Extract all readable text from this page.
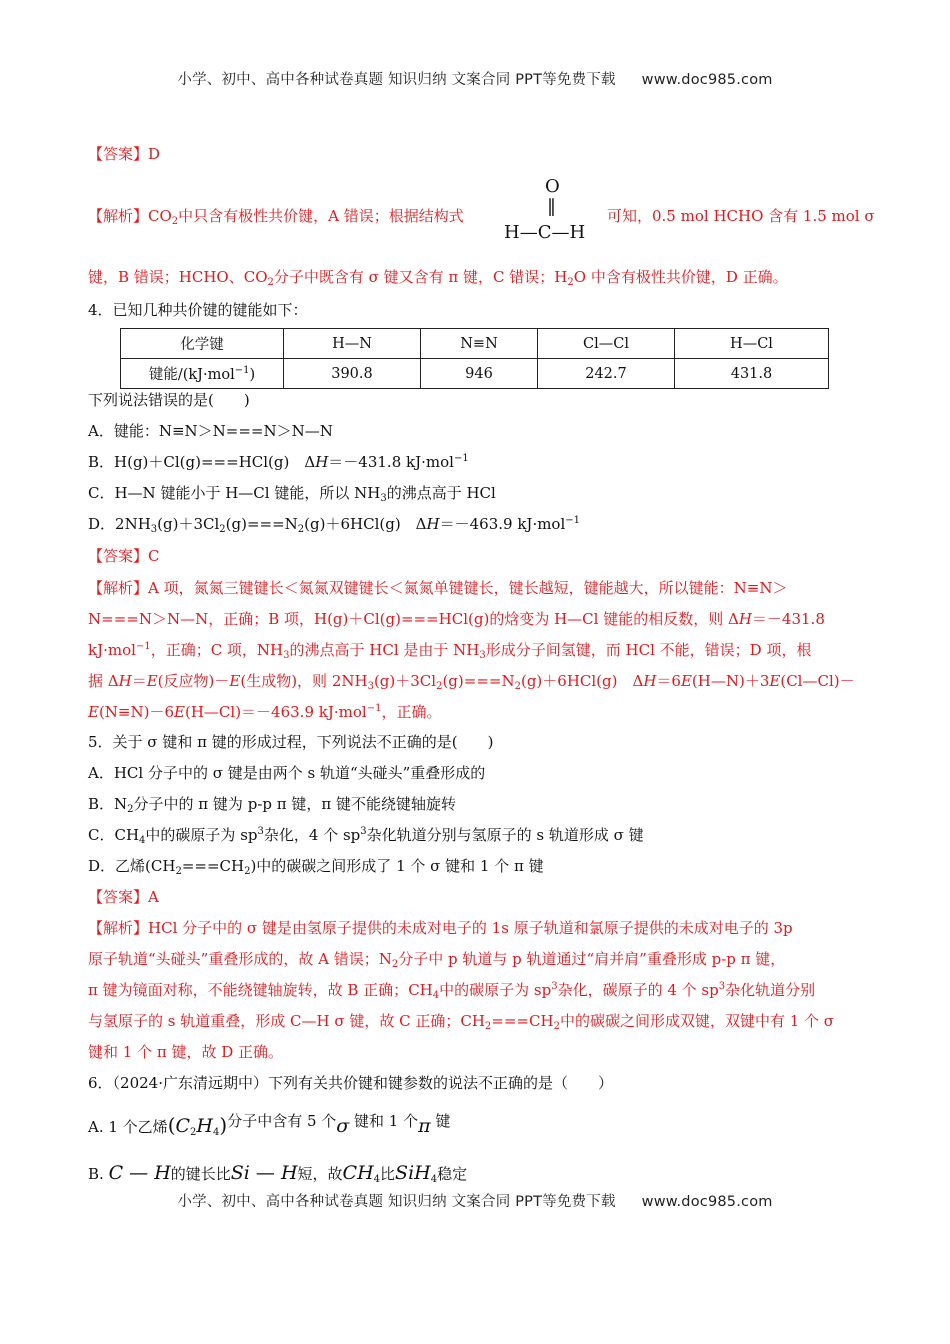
小学、初中、高中各种试卷真题 知识归纳 文案合同 PPT等免费下载 www.doc985.com
【答案】D
【解析】$CO_2$中只含有极性共价键，A 错误；根据结构式
O
‖
H—C—H
可知，0.5 mol HCHO 含有 1.5 mol σ
键，B 错误；HCHO、$CO_2$分子中既含有 σ 键又含有 π 键，C 错误；$H_2O$ 中含有极性共价键，D 正确。
4．已知几种共价键的键能如下：
化学键	H—N	N≡N	Cl—Cl	H—Cl
键能/(kJ·mol$^{-1}$)	390.8	946	242.7	431.8
下列说法错误的是(　　)
A．键能：N≡N＞N===N＞N—N
B．H(g)＋Cl(g)===HCl(g)　ΔH＝－431.8 kJ·mol$^{-1}$
C．H—N 键能小于 H—Cl 键能，所以 $NH_3$的沸点高于 HCl
D．$2NH_3(g)+3Cl_2(g)===N_2(g)+6HCl(g)$　ΔH＝－463.9 kJ·mol$^{-1}$
【答案】C
【解析】A 项，氮氮三键键长＜氮氮双键键长＜氮氮单键键长，键长越短，键能越大，所以键能：N≡N＞
N===N＞N—N，正确；B 项，H(g)＋Cl(g)===HCl(g)的焓变为 H—Cl 键能的相反数，则 ΔH＝－431.8
kJ·mol$^{-1}$，正确；C 项，$NH_3$的沸点高于 HCl 是由于 $NH_3$形成分子间氢键，而 HCl 不能，错误；D 项，根
据 ΔH＝E(反应物)－E(生成物)，则 $2NH_3(g)+3Cl_2(g)===N_2(g)+6HCl(g)$　ΔH＝6E(H—N)＋3E(Cl—Cl)－
E(N≡N)－6E(H—Cl)＝－463.9 kJ·mol$^{-1}$，正确。
5．关于 σ 键和 π 键的形成过程，下列说法不正确的是(　　)
A．HCl 分子中的 σ 键是由两个 s 轨道“头碰头”重叠形成的
B．$N_2$分子中的 π 键为 p-p π 键，π 键不能绕键轴旋转
C．$CH_4$中的碳原子为 $sp^3$杂化，4 个 $sp^3$杂化轨道分别与氢原子的 s 轨道形成 σ 键
D．乙烯$(CH_2===CH_2)$中的碳碳之间形成了 1 个 σ 键和 1 个 π 键
【答案】A
【解析】HCl 分子中的 σ 键是由氢原子提供的未成对电子的 1s 原子轨道和氯原子提供的未成对电子的 3p
原子轨道“头碰头”重叠形成的，故 A 错误；$N_2$分子中 p 轨道与 p 轨道通过“肩并肩”重叠形成 p-p π 键，
π 键为镜面对称，不能绕键轴旋转，故 B 正确；$CH_4$中的碳原子为 $sp^3$杂化，碳原子的 4 个 $sp^3$杂化轨道分别
与氢原子的 s 轨道重叠，形成 C—H σ 键，故 C 正确；$CH_2===CH_2$中的碳碳之间形成双键，双键中有 1 个 σ
键和 1 个 π 键，故 D 正确。
6．（2024·广东清远期中）下列有关共价键和键参数的说法不正确的是（　　）
A. 1 个乙烯$(C_2H_4)$分子中含有 5 个σ 键和 1 个π 键
B. C — H的键长比Si — H短，故$CH_4$比SiH$_4$稳定
小学、初中、高中各种试卷真题 知识归纳 文案合同 PPT等免费下载 www.doc985.com
